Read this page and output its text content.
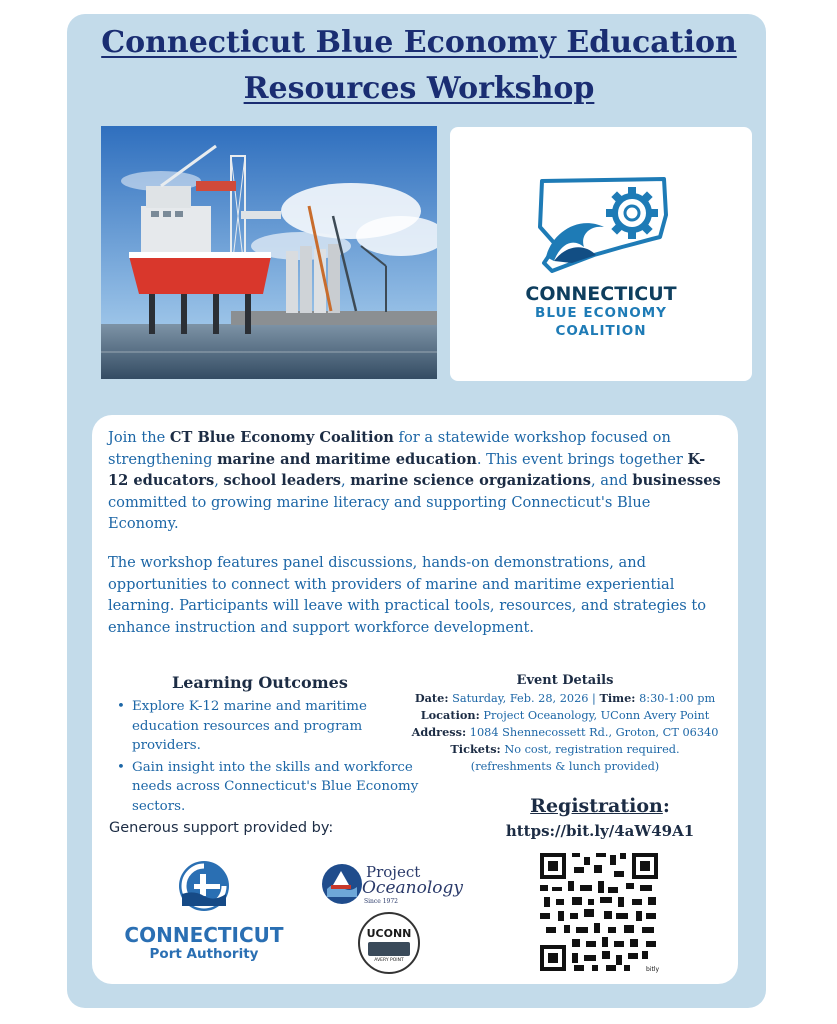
Connecticut Blue Economy Education
Resources Workshop
CONNECTICUT
BLUE ECONOMY
COALITION

Join the CT Blue Economy Coalition for a statewide workshop focused on strengthening marine and maritime education. This event brings together K-12 educators, school leaders, marine science organizations, and businesses committed to growing marine literacy and supporting Connecticut's Blue Economy.

The workshop features panel discussions, hands-on demonstrations, and opportunities to connect with providers of marine and maritime experiential learning. Participants will leave with practical tools, resources, and strategies to enhance instruction and support workforce development.

Learning Outcomes
• Explore K-12 marine and maritime education resources and program providers.
• Gain insight into the skills and workforce needs across Connecticut's Blue Economy sectors.
Event Details
Date: Saturday, Feb. 28, 2026 | Time: 8:30-1:00 pm
Location: Project Oceanology, UConn Avery Point
Address: 1084 Shennecossett Rd., Groton, CT 06340
Tickets: No cost, registration required.
(refreshments & lunch provided)

Generous support provided by:

CONNECTICUT
Port Authority
Project
Oceanology
Since 1972
UCONN
AVERY POINT
Registration:
https://bit.ly/4aW49A1
bitly
